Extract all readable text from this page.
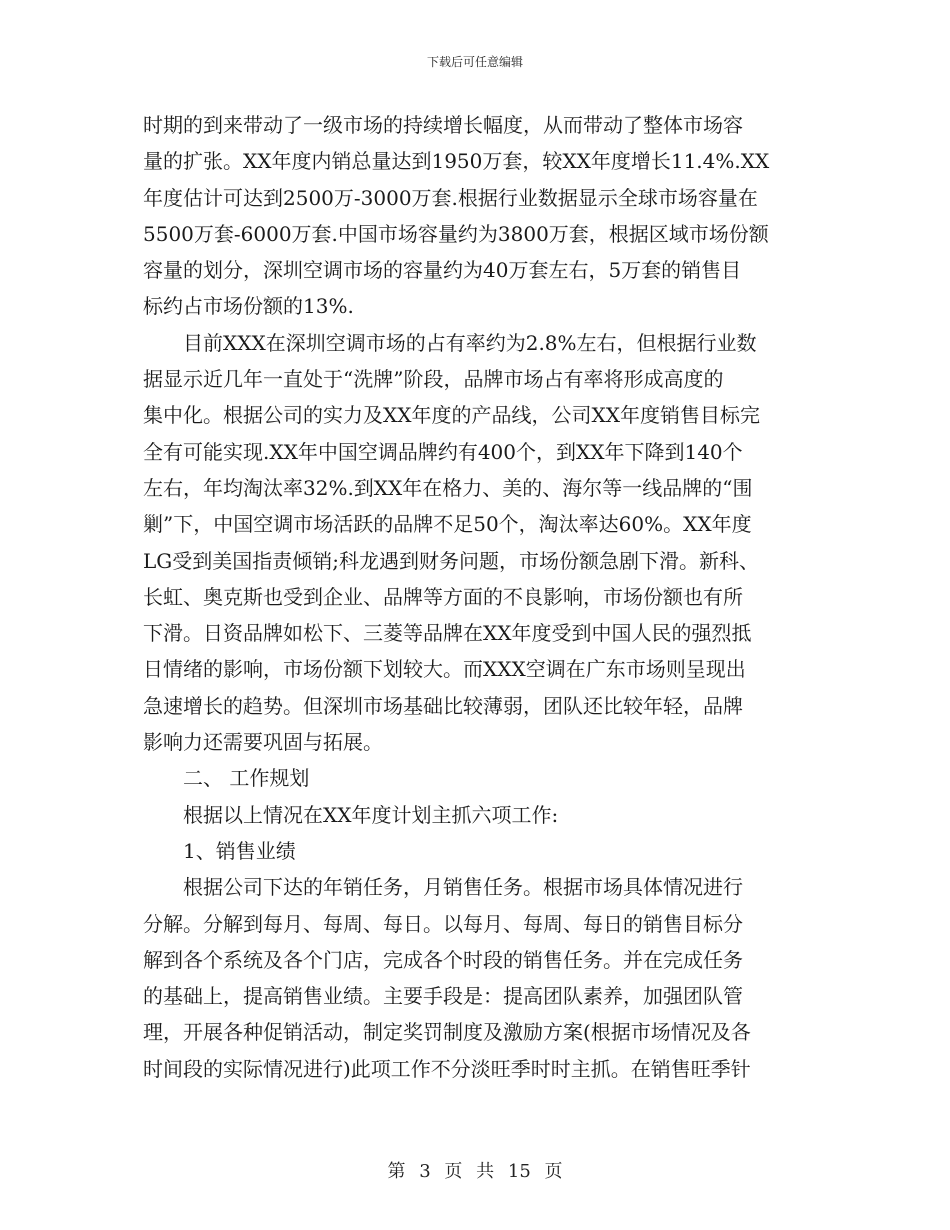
下载后可任意编辑

时期的到来带动了一级市场的持续增长幅度，从而带动了整体市场容

量的扩张。XX年度内销总量达到1950万套，较XX年度增长11.4%.XX

年度估计可达到2500万-3000万套.根据行业数据显示全球市场容量在

5500万套-6000万套.中国市场容量约为3800万套，根据区域市场份额

容量的划分，深圳空调市场的容量约为40万套左右，5万套的销售目

标约占市场份额的13%.

　　目前XXX在深圳空调市场的占有率约为2.8%左右，但根据行业数

据显示近几年一直处于“洗牌”阶段，品牌市场占有率将形成高度的

集中化。根据公司的实力及XX年度的产品线，公司XX年度销售目标完

全有可能实现.XX年中国空调品牌约有400个，到XX年下降到140个

左右，年均淘汰率32%.到XX年在格力、美的、海尔等一线品牌的“围

剿”下，中国空调市场活跃的品牌不足50个，淘汰率达60%。XX年度

LG受到美国指责倾销;科龙遇到财务问题，市场份额急剧下滑。新科、

长虹、奥克斯也受到企业、品牌等方面的不良影响，市场份额也有所

下滑。日资品牌如松下、三菱等品牌在XX年度受到中国人民的强烈抵

日情绪的影响，市场份额下划较大。而XXX空调在广东市场则呈现出

急速增长的趋势。但深圳市场基础比较薄弱，团队还比较年轻，品牌

影响力还需要巩固与拓展。

　　二、 工作规划

　　根据以上情况在XX年度计划主抓六项工作:

　　1、销售业绩

　　根据公司下达的年销任务，月销售任务。根据市场具体情况进行

分解。分解到每月、每周、每日。以每月、每周、每日的销售目标分

解到各个系统及各个门店，完成各个时段的销售任务。并在完成任务

的基础上，提高销售业绩。主要手段是：提高团队素养，加强团队管

理，开展各种促销活动，制定奖罚制度及激励方案(根据市场情况及各

时间段的实际情况进行)此项工作不分淡旺季时时主抓。在销售旺季针

第 3 页 共 15 页
